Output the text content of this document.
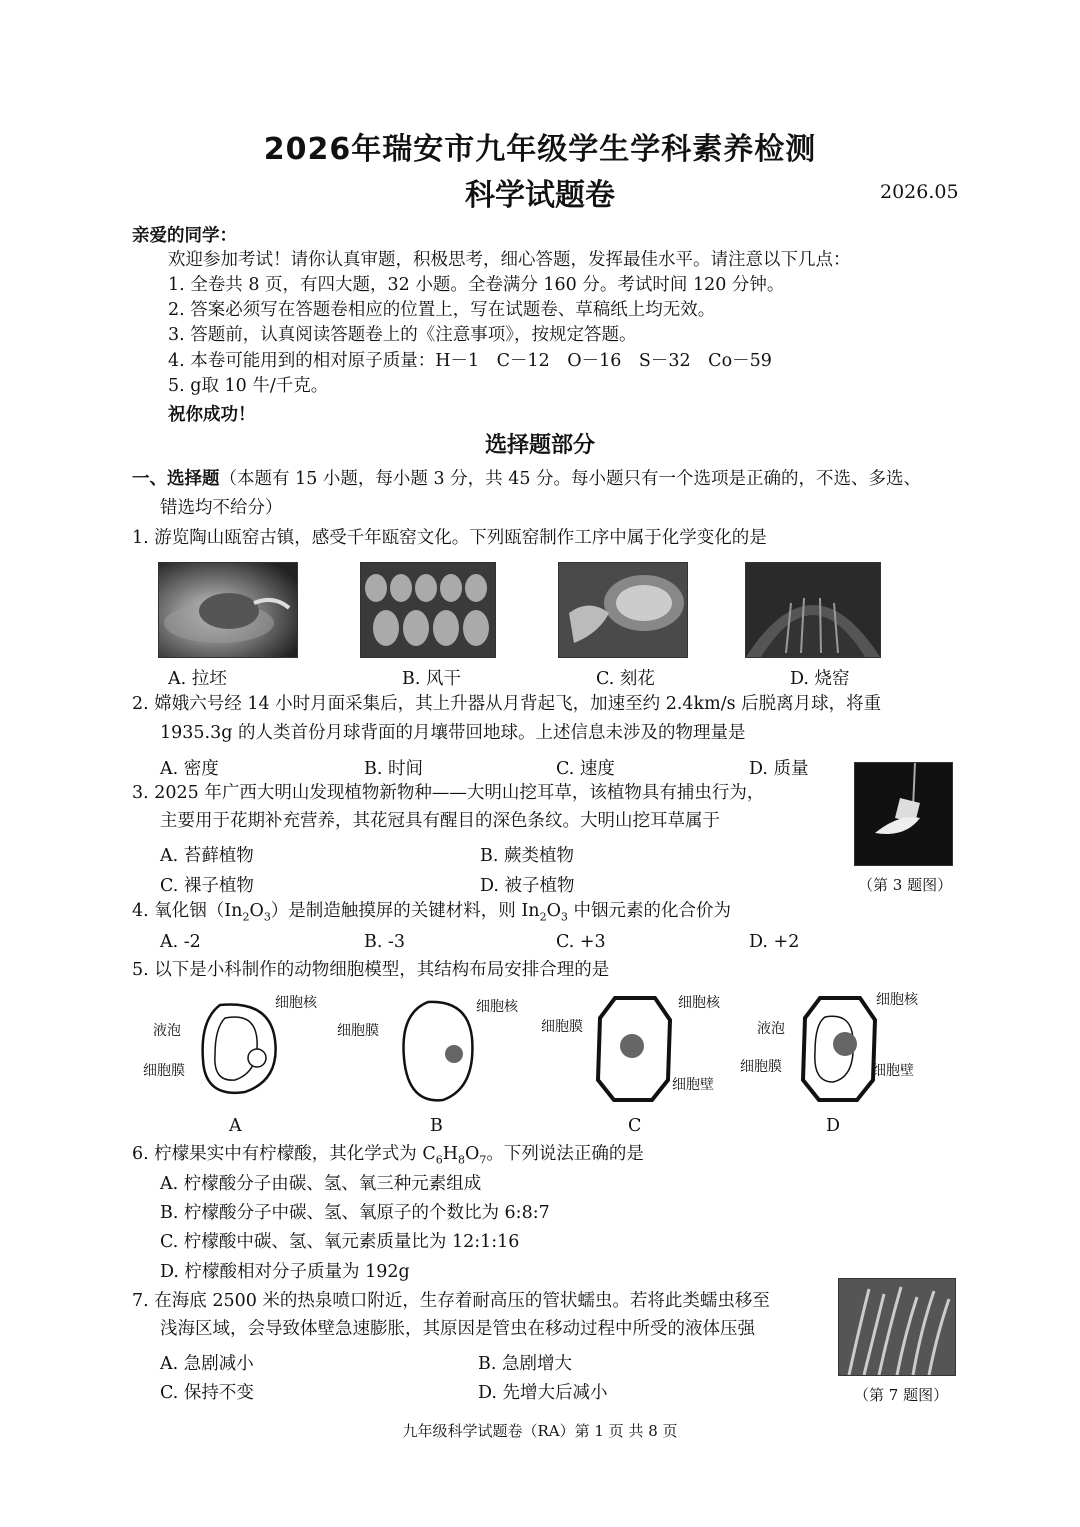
2026年瑞安市九年级学生学科素养检测
科学试题卷	2026.05
亲爱的同学：
欢迎参加考试！请你认真审题，积极思考，细心答题，发挥最佳水平。请注意以下几点：
1. 全卷共 8 页，有四大题，32 小题。全卷满分 160 分。考试时间 120 分钟。
2. 答案必须写在答题卷相应的位置上，写在试题卷、草稿纸上均无效。
3. 答题前，认真阅读答题卷上的《注意事项》，按规定答题。
4. 本卷可能用到的相对原子质量：H－1　C－12　O－16　S－32　Co－59
5. g取 10 牛/千克。
祝你成功！
选择题部分
一、选择题（本题有 15 小题，每小题 3 分，共 45 分。每小题只有一个选项是正确的，不选、多选、
错选均不给分）
1. 游览陶山瓯窑古镇，感受千年瓯窑文化。下列瓯窑制作工序中属于化学变化的是
A. 拉坯	B. 风干	C. 刻花	D. 烧窑
2. 嫦娥六号经 14 小时月面采集后，其上升器从月背起飞，加速至约 2.4km/s 后脱离月球，将重
1935.3g 的人类首份月球背面的月壤带回地球。上述信息未涉及的物理量是
A. 密度	B. 时间	C. 速度	D. 质量
3. 2025 年广西大明山发现植物新物种——大明山挖耳草，该植物具有捕虫行为，
主要用于花期补充营养，其花冠具有醒目的深色条纹。大明山挖耳草属于
A. 苔藓植物	B. 蕨类植物
C. 裸子植物	D. 被子植物	（第 3 题图）
4. 氧化铟$(In_2O_3)$是制造触摸屏的关键材料，则 $In_2O_3$ 中铟元素的化合价为
A. -2	B. -3	C. +3	D. +2
5. 以下是小科制作的动物细胞模型，其结构布局安排合理的是
细胞核
液泡
细胞膜
A
细胞核
细胞膜
B
细胞核
细胞膜
细胞壁
C
细胞核
液泡
细胞膜	细胞壁
D
6. 柠檬果实中有柠檬酸，其化学式为 $C_6H_8O_7$。下列说法正确的是
A. 柠檬酸分子由碳、氢、氧三种元素组成
B. 柠檬酸分子中碳、氢、氧原子的个数比为 6:8:7
C. 柠檬酸中碳、氢、氧元素质量比为 12:1:16
D. 柠檬酸相对分子质量为 192g
7. 在海底 2500 米的热泉喷口附近，生存着耐高压的管状蠕虫。若将此类蠕虫移至
浅海区域，会导致体壁急速膨胀，其原因是管虫在移动过程中所受的液体压强
A. 急剧减小	B. 急剧增大
C. 保持不变	D. 先增大后减小	（第 7 题图）
九年级科学试题卷（RA）第 1 页 共 8 页
